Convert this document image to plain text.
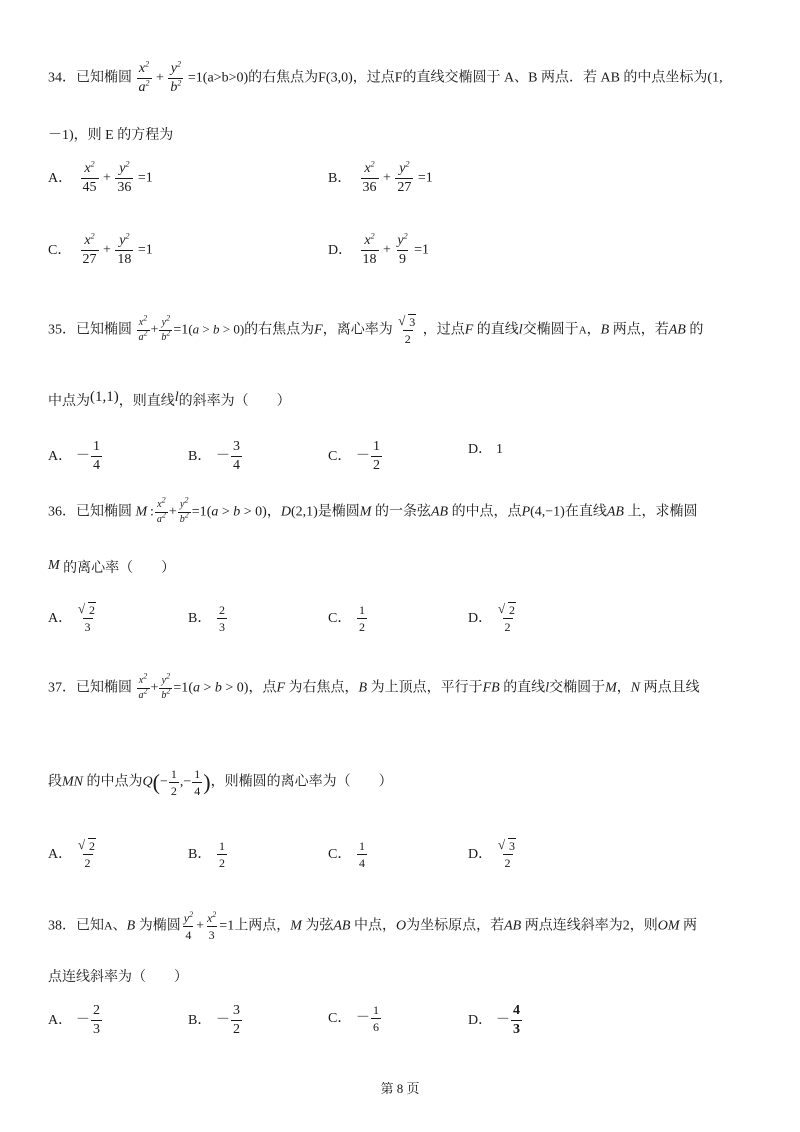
34．已知椭圆 $\frac{x^2}{a^2} + \frac{y^2}{b^2} =1(a>b>0)$的右焦点为F(3,0)，过点F的直线交椭圆于 A、B 两点．若 AB 的中点坐标为(1,
－1)，则 E 的方程为
A． $\frac{x^2}{45} + \frac{y^2}{36} =1$	B． $\frac{x^2}{36} + \frac{y^2}{27} =1$
C． $\frac{x^2}{27} + \frac{y^2}{18} =1$	D． $\frac{x^2}{18} + \frac{y^2}{9} =1$
35．已知椭圆 $\frac{x^2}{a^2} + \frac{y^2}{b^2} =1(a > b > 0)$的右焦点为F，离心率为 √ $\frac{3}{2}$ ，过点F 的直线l交椭圆于A，B 两点，若AB 的
中点为(1,1)，则直线l的斜率为（　　）
A． － $\frac{1}{4}$	B． － $\frac{3}{4}$	C． － $\frac{1}{2}$	D． 1
36．已知椭圆 M : $\frac{x^2}{a^2} + \frac{y^2}{b^2} =1(a > b > 0)$，D(2,1)是椭圆M 的一条弦AB 的中点，点P(4,−1)在直线AB 上，求椭圆
M 的离心率（　　）
A． √ $\frac{2}{3}$	B． $\frac{2}{3}$	C． $\frac{1}{2}$	D． √ $\frac{2}{2}$
37．已知椭圆 $\frac{x^2}{a^2} + \frac{y^2}{b^2} =1(a > b > 0)$，点F 为右焦点，B 为上顶点，平行于FB 的直线l交椭圆于M，N 两点且线
段MN 的中点为$Q(- \frac{1}{2}$ ,− $\frac{1}{4}$ )，则椭圆的离心率为（　　）
A． √ $\frac{2}{2}$	B． $\frac{1}{2}$	C． $\frac{1}{4}$	D． √ $\frac{3}{2}$
38．已知A、B 为椭圆 $\frac{y^2}{4} + \frac{x^2}{3} =1$上两点，M 为弦AB 中点，O为坐标原点，若AB 两点连线斜率为2，则OM 两
点连线斜率为（　　）
A． － $\frac{2}{3}$	B． － $\frac{3}{2}$	C． － $\frac{1}{6}$	D． － $\frac{4}{3}$
第 8 页
